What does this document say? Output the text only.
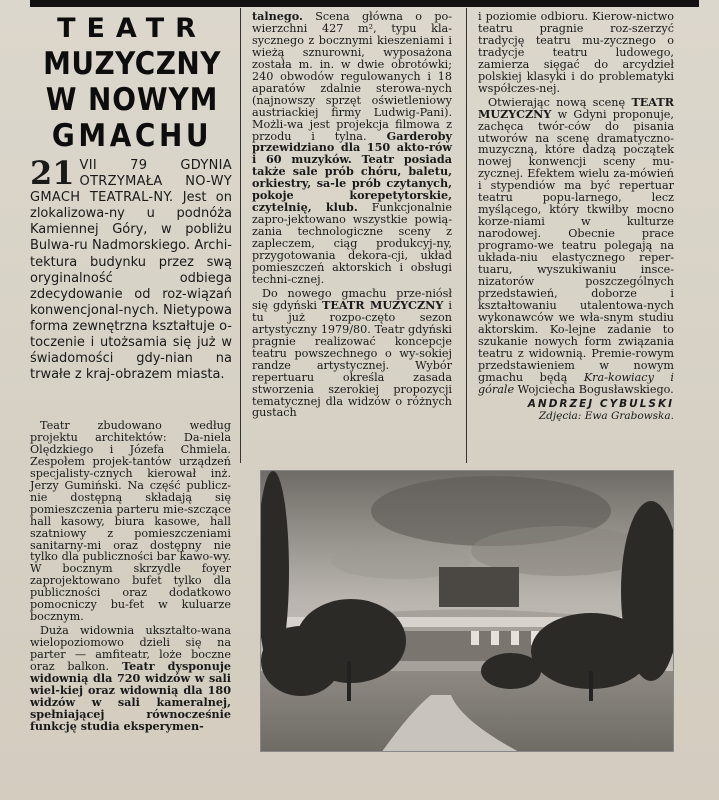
TEATR
MUZYCZNY
W NOWYM
GMACHU
21 VII 79 GDYNIA OTRZYMAŁA NO-WY GMACH TEATRAL-NY. Jest on zlokalizowa-ny u podnóża Kamiennej Góry, w pobliżu Bulwa-ru Nadmorskiego. Archi-tektura budynku przez swą oryginalność odbiega zdecydowanie od roz-wiązań konwencjonal-nych. Nietypowa forma zewnętrzna kształtuje o-toczenie i utożsamia się już w świadomości gdy-nian na trwałe z kraj-obrazem miasta.

Teatr zbudowano według projektu architektów: Da-niela Olędzkiego i Józefa Chmiela. Zespołem projek-tantów urządzeń specjalisty-cznych kierował inż. Jerzy Gumiński. Na część publicz-nie dostępną składają się pomieszczenia parteru mie-szczące hall kasowy, biura kasowe, hall szatniowy z pomieszczeniami sanitarny-mi oraz dostępny nie tylko dla publiczności bar kawo-wy. W bocznym skrzydle foyer zaprojektowano bufet tylko dla publiczności oraz dodatkowo pomocniczy bu-fet w kuluarze bocznym.

Duża widownia ukształto-wana wielopoziomowo dzieli się na parter — amfiteatr, loże boczne oraz balkon. Teatr dysponuje widownią dla 720 widzów w sali wiel-kiej oraz widownią dla 180 widzów w sali kameralnej, spełniającej równocześnie funkcję studia eksperymen-

talnego. Scena główna o po-wierzchni 427 m², typu kla-sycznego z bocznymi kieszeniami i wieżą sznurowni, wyposażona została m. in. w dwie obrotówki; 240 obwodów regulowanych i 18 aparatów zdalnie sterowa-nych (najnowszy sprzęt oświetleniowy austriackiej firmy Ludwig-Pani). Możli-wa jest projekcja filmowa z przodu i tylna. Garderoby przewidziano dla 150 akto-rów i 60 muzyków. Teatr posiada także sale prób chóru, baletu, orkiestry, sa-le prób czytanych, pokoje korepetytorskie, czytelnię, klub. Funkcjonalnie zapro-jektowano wszystkie powią-zania technologiczne sceny z zapleczem, ciąg produkcyj-ny, przygotowania dekora-cji, układ pomieszczeń aktorskich i obsługi techni-cznej.

Do nowego gmachu prze-niósł się gdyński TEATR MUZYCZNY i tu już rozpo-częto sezon artystyczny 1979/80. Teatr gdyński pragnie realizować koncepcje teatru powszechnego o wy-sokiej randze artystycznej. Wybór repertuaru określa zasada stworzenia szerokiej propozycji tematycznej dla widzów o różnych gustach

i poziomie odbioru. Kierow-nictwo teatru pragnie roz-szerzyć tradycję teatru mu-zycznego o tradycje teatru ludowego, zamierza sięgać do arcydzieł polskiej klasyki i do problematyki współczes-nej.

Otwierając nową scenę TEATR MUZYCZNY w Gdyni proponuje, zachęca twór-ców do pisania utworów na scenę dramatyczno-muzyczną, które dadzą początek nowej konwencji sceny mu-zycznej. Efektem wielu za-mówień i stypendiów ma być repertuar teatru popu-larnego, lecz myślącego, który tkwiłby mocno korze-niami w kulturze narodowej. Obecnie prace programo-we teatru polegają na układa-niu elastycznego reper-tuaru, wyszukiwaniu insce-nizatorów poszczególnych przedstawień, doborze i kształtowaniu utalentowa-nych wykonawców we wła-snym studiu aktorskim. Ko-lejne zadanie to szukanie nowych form związania teatru z widownią. Premie-rowym przedstawieniem w nowym gmachu będą Kra-kowiacy i górale Wojciecha Bogusławskiego.

ANDRZEJ CYBULSKI
Zdjęcia: Ewa Grabowska.
